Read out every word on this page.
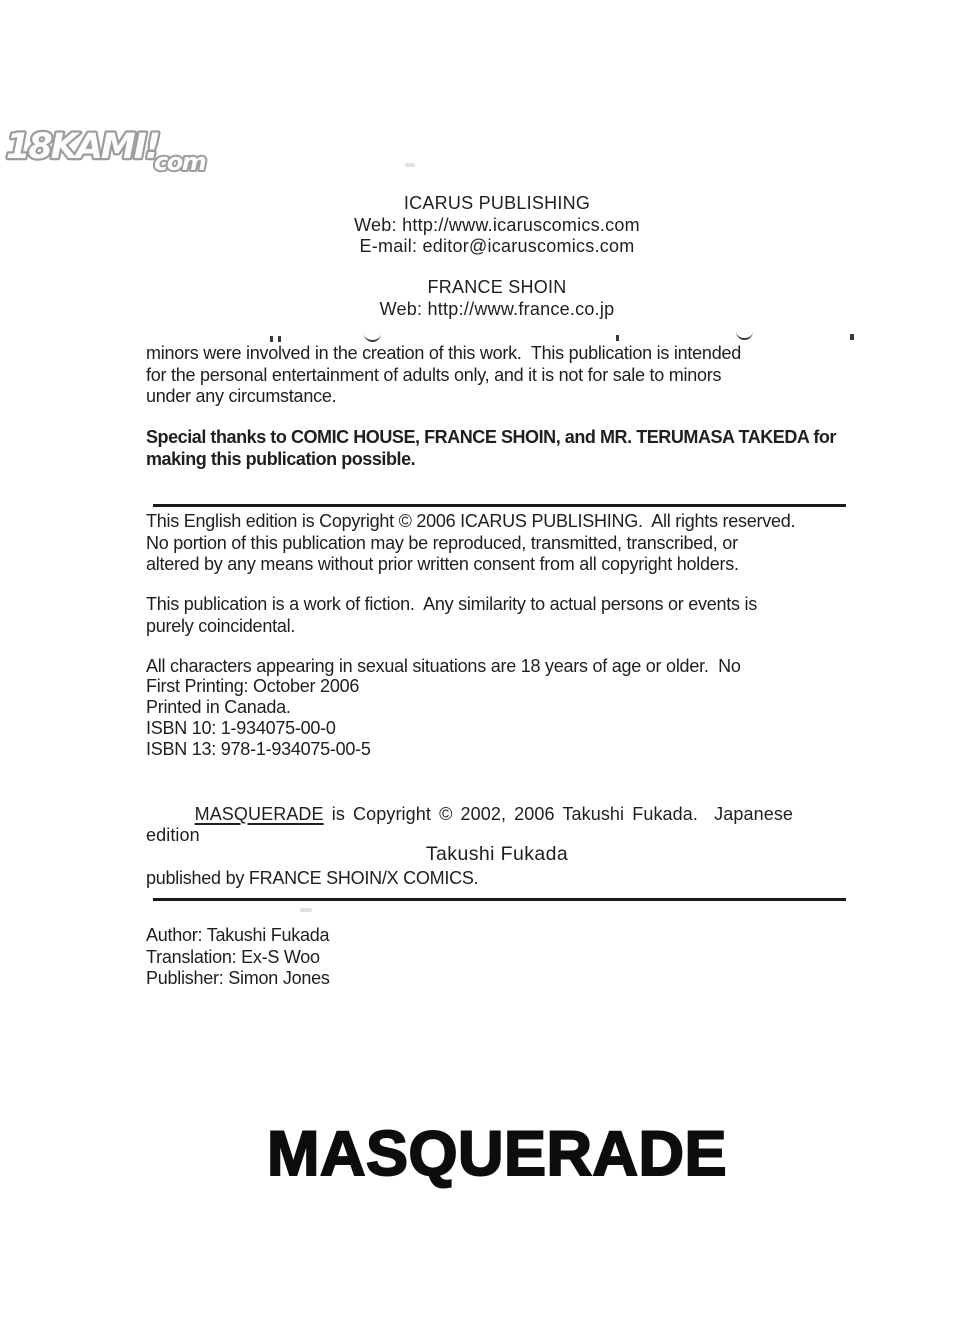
18KAMI!
com
ICARUS PUBLISHING
Web: http://www.icaruscomics.com
E-mail: editor@icaruscomics.com
FRANCE SHOIN
Web: http://www.france.co.jp
minors were involved in the creation of this work.  This publication is intended
for the personal entertainment of adults only, and it is not for sale to minors
under any circumstance.
Special thanks to COMIC HOUSE, FRANCE SHOIN, and MR. TERUMASA TAKEDA for
making this publication possible.
This English edition is Copyright © 2006 ICARUS PUBLISHING.  All rights reserved.
No portion of this publication may be reproduced, transmitted, transcribed, or
altered by any means without prior written consent from all copyright holders.
This publication is a work of fiction.  Any similarity to actual persons or events is
purely coincidental.
All characters appearing in sexual situations are 18 years of age or older.  No
First Printing: October 2006
Printed in Canada.
ISBN 10: 1-934075-00-0
ISBN 13: 978-1-934075-00-5

MASQUERADE is Copyright © 2002, 2006 Takushi Fukada.  Japanese edition

published by FRANCE SHOIN/X COMICS.
Takushi Fukada
Author: Takushi Fukada
Translation: Ex-S Woo
Publisher: Simon Jones
MASQUERADE
